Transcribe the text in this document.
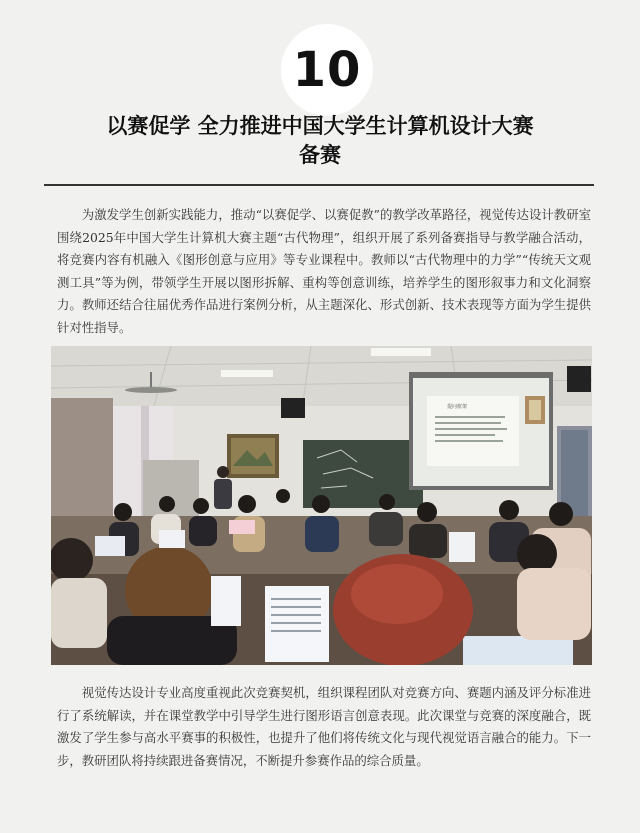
10
以赛促学 全力推进中国大学生计算机设计大赛
备赛

为激发学生创新实践能力，推动“以赛促学、以赛促教”的教学改革路径，视觉传达设计教研室围绕2025年中国大学生计算机大赛主题“古代物理”，组织开展了系列备赛指导与教学融合活动，将竞赛内容有机融入《图形创意与应用》等专业课程中。教师以“古代物理中的力学”“传统天文观测工具”等为例，带领学生开展以图形拆解、重构等创意训练，培养学生的图形叙事力和文化洞察力。教师还结合往届优秀作品进行案例分析，从主题深化、形式创新、技术表现等方面为学生提供针对性指导。

提问框架

视觉传达设计专业高度重视此次竞赛契机，组织课程团队对竞赛方向、赛题内涵及评分标准进行了系统解读，并在课堂教学中引导学生进行图形语言创意表现。此次课堂与竞赛的深度融合，既激发了学生参与高水平赛事的积极性，也提升了他们将传统文化与现代视觉语言融合的能力。下一步，教研团队将持续跟进备赛情况，不断提升参赛作品的综合质量。
